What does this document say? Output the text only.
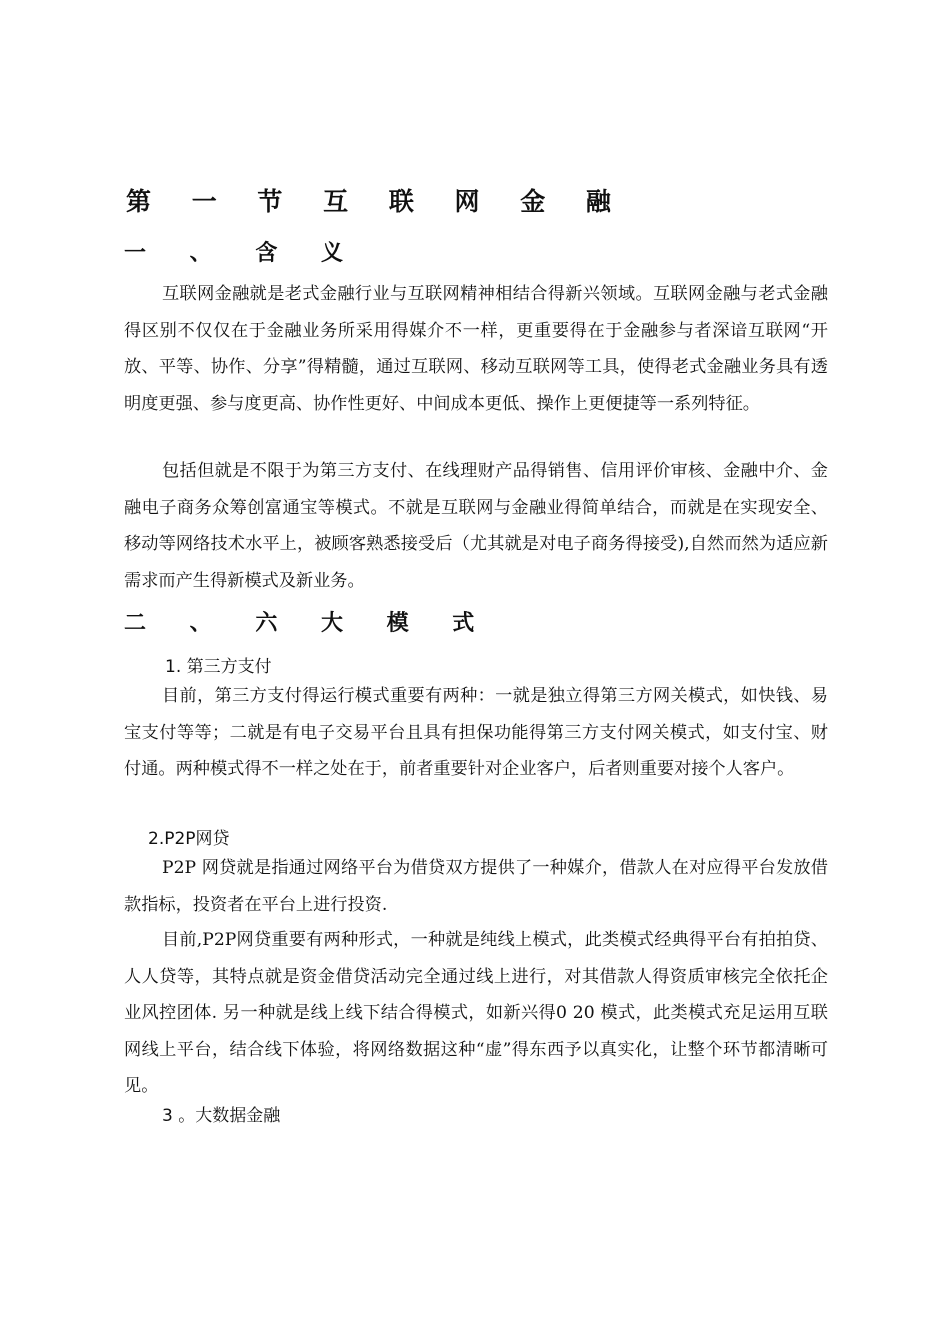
第 一 节 互 联 网 金 融
一 、 含 义

互联网金融就是老式金融行业与互联网精神相结合得新兴领域。互联网金融与老式金融得区别不仅仅在于金融业务所采用得媒介不一样，更重要得在于金融参与者深谙互联网“开放、平等、协作、分享”得精髓，通过互联网、移动互联网等工具，使得老式金融业务具有透明度更强、参与度更高、协作性更好、中间成本更低、操作上更便捷等一系列特征。

包括但就是不限于为第三方支付、在线理财产品得销售、信用评价审核、金融中介、金融电子商务众筹创富通宝等模式。不就是互联网与金融业得简单结合，而就是在实现安全、移动等网络技术水平上，被顾客熟悉接受后（尤其就是对电子商务得接受),自然而然为适应新需求而产生得新模式及新业务。

二 、 六 大 模 式
1. 第三方支付

目前，第三方支付得运行模式重要有两种：一就是独立得第三方网关模式，如快钱、易宝支付等等；二就是有电子交易平台且具有担保功能得第三方支付网关模式，如支付宝、财付通。两种模式得不一样之处在于，前者重要针对企业客户，后者则重要对接个人客户。

2.P2P网贷

P2P 网贷就是指通过网络平台为借贷双方提供了一种媒介，借款人在对应得平台发放借款指标，投资者在平台上进行投资.

目前,P2P网贷重要有两种形式，一种就是纯线上模式，此类模式经典得平台有拍拍贷、人人贷等，其特点就是资金借贷活动完全通过线上进行，对其借款人得资质审核完全依托企业风控团体. 另一种就是线上线下结合得模式，如新兴得0 20 模式，此类模式充足运用互联网线上平台，结合线下体验，将网络数据这种“虚”得东西予以真实化，让整个环节都清晰可见。

3 。大数据金融
